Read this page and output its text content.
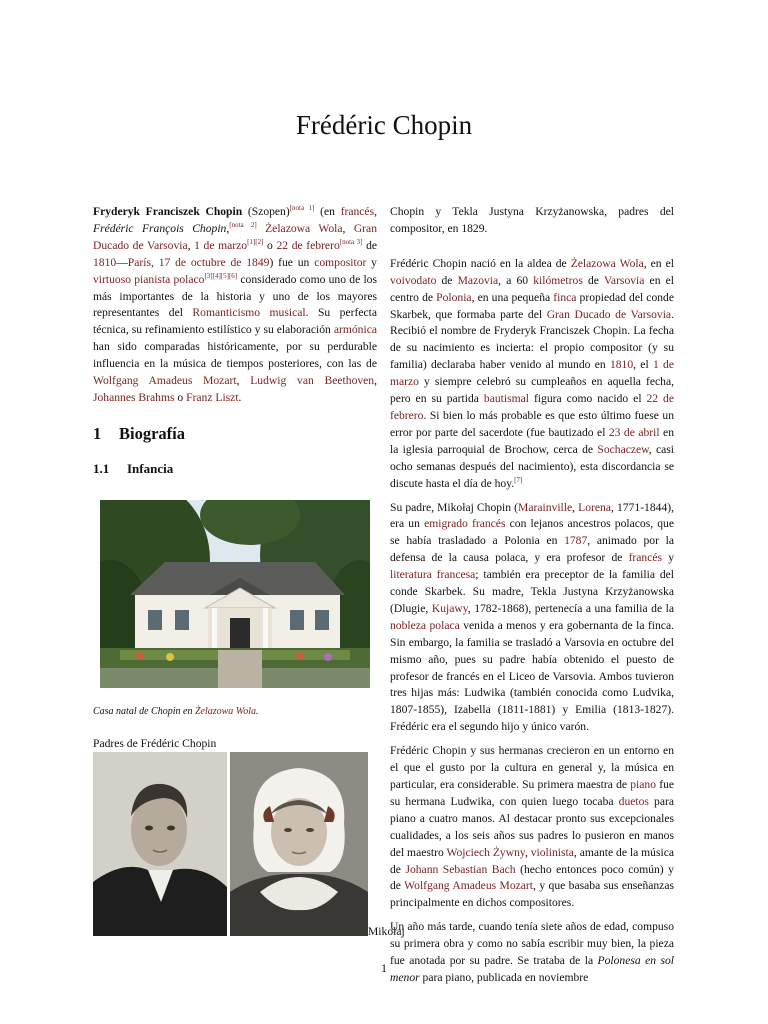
Frédéric Chopin

Fryderyk Franciszek Chopin (Szopen)[nota 1] (en francés, Frédéric François Chopin,[nota 2] Żelazowa Wola, Gran Ducado de Varsovia, 1 de marzo[1][2] o 22 de febrero[nota 3] de 1810—París, 17 de octubre de 1849) fue un compositor y virtuoso pianista polaco[3][4][5][6] considerado como uno de los más importantes de la historia y uno de los mayores representantes del Romanticismo musical. Su perfecta técnica, su refinamiento estilístico y su elaboración armónica han sido comparadas históricamente, por su perdurable influencia en la música de tiempos posteriores, con las de Wolfgang Amadeus Mozart, Ludwig van Beethoven, Johannes Brahms o Franz Liszt.

1 Biografía
1.1 Infancia
Casa natal de Chopin en Żelazowa Wola.
Padres de Frédéric Chopin
Mikołaj

Chopin y Tekla Justyna Krzyżanowska, padres del compositor, en 1829.

Frédéric Chopin nació en la aldea de Żelazowa Wola, en el voivodato de Mazovia, a 60 kilómetros de Varsovia en el centro de Polonia, en una pequeña finca propiedad del conde Skarbek, que formaba parte del Gran Ducado de Varsovia. Recibió el nombre de Fryderyk Franciszek Chopin. La fecha de su nacimiento es incierta: el propio compositor (y su familia) declaraba haber venido al mundo en 1810, el 1 de marzo y siempre celebró su cumpleaños en aquella fecha, pero en su partida bautismal figura como nacido el 22 de febrero. Si bien lo más probable es que esto último fuese un error por parte del sacerdote (fue bautizado el 23 de abril en la iglesia parroquial de Brochow, cerca de Sochaczew, casi ocho semanas después del nacimiento), esta discordancia se discute hasta el día de hoy.[7]

Su padre, Mikołaj Chopin (Marainville, Lorena, 1771-1844), era un emigrado francés con lejanos ancestros polacos, que se había trasladado a Polonia en 1787, animado por la defensa de la causa polaca, y era profesor de francés y literatura francesa; también era preceptor de la familia del conde Skarbek. Su madre, Tekla Justyna Krzyżanowska (Dlugie, Kujawy, 1782-1868), pertenecía a una familia de la nobleza polaca venida a menos y era gobernanta de la finca. Sin embargo, la familia se trasladó a Varsovia en octubre del mismo año, pues su padre había obtenido el puesto de profesor de francés en el Liceo de Varsovia. Ambos tuvieron tres hijas más: Ludwika (también conocida como Ludvika, 1807-1855), Izabella (1811-1881) y Emilia (1813-1827). Frédéric era el segundo hijo y único varón.

Frédéric Chopin y sus hermanas crecieron en un entorno en el que el gusto por la cultura en general y, la música en particular, era considerable. Su primera maestra de piano fue su hermana Ludwika, con quien luego tocaba duetos para piano a cuatro manos. Al destacar pronto sus excepcionales cualidades, a los seis años sus padres lo pusieron en manos del maestro Wojciech Żywny, violinista, amante de la música de Johann Sebastian Bach (hecho entonces poco común) y de Wolfgang Amadeus Mozart, y que basaba sus enseñanzas principalmente en dichos compositores.

Un año más tarde, cuando tenía siete años de edad, compuso su primera obra y como no sabía escribir muy bien, la pieza fue anotada por su padre. Se trataba de la Polonesa en sol menor para piano, publicada en noviembre

1
